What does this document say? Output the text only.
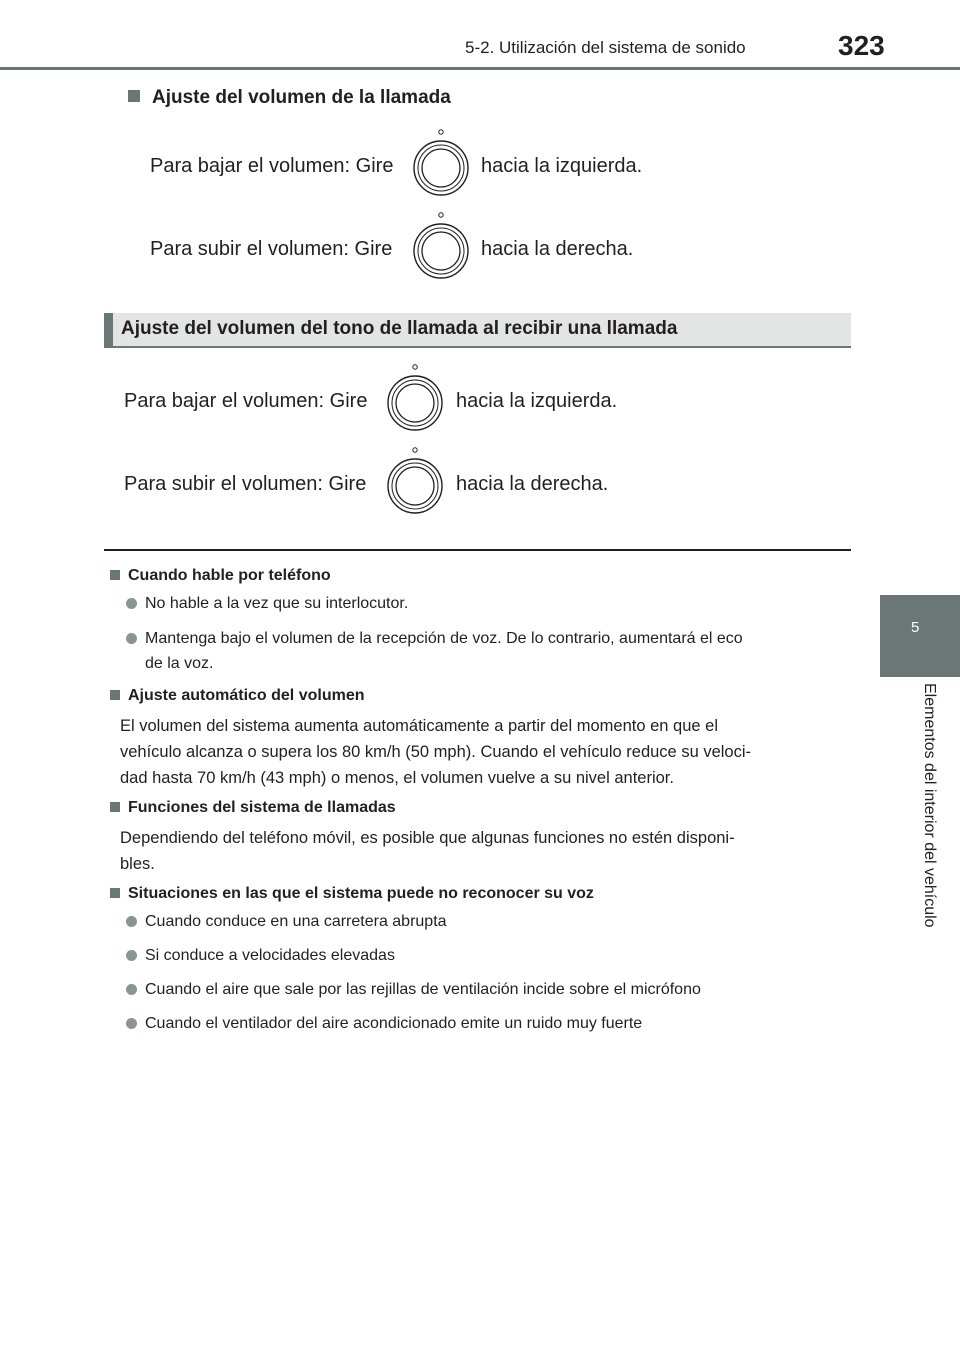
5-2. Utilización del sistema de sonido	323
5
Elementos del interior del vehículo
Ajuste del volumen de la llamada
Para bajar el volumen: Gire	hacia la izquierda.
Para subir el volumen: Gire	hacia la derecha.
Ajuste del volumen del tono de llamada al recibir una llamada
Para bajar el volumen: Gire	hacia la izquierda.
Para subir el volumen: Gire	hacia la derecha.
Cuando hable por teléfono
No hable a la vez que su interlocutor.
Mantenga bajo el volumen de la recepción de voz. De lo contrario, aumentará el eco
de la voz.
Ajuste automático del volumen
El volumen del sistema aumenta automáticamente a partir del momento en que el
vehículo alcanza o supera los 80 km/h (50 mph). Cuando el vehículo reduce su veloci-
dad hasta 70 km/h (43 mph) o menos, el volumen vuelve a su nivel anterior.
Funciones del sistema de llamadas
Dependiendo del teléfono móvil, es posible que algunas funciones no estén disponi-
bles.
Situaciones en las que el sistema puede no reconocer su voz
Cuando conduce en una carretera abrupta
Si conduce a velocidades elevadas
Cuando el aire que sale por las rejillas de ventilación incide sobre el micrófono
Cuando el ventilador del aire acondicionado emite un ruido muy fuerte
